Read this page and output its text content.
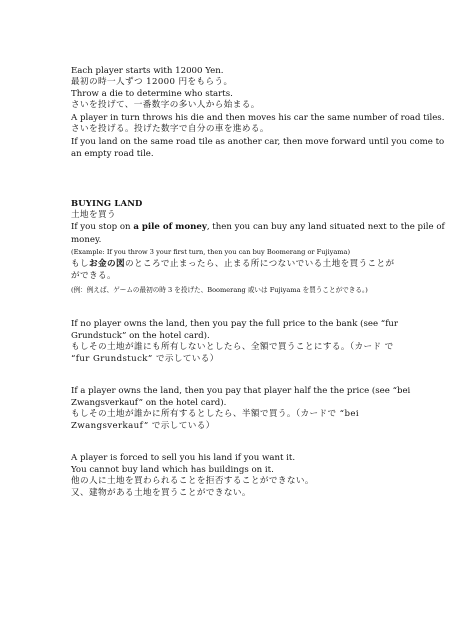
Each player starts with 12000 Yen.
最初の時一人ずつ 12000 円をもらう。
Throw a die to determine who starts.
さいを投げて、一番数字の多い人から始まる。
A player in turn throws his die and then moves his car the same number of road tiles.
さいを投げる。投げた数字で自分の車を進める。
If you land on the same road tile as another car, then move forward until you come to
an empty road tile.
BUYING LAND
土地を買う
If you stop on a pile of money, then you can buy any land situated next to the pile of
money.
(Example: If you throw 3 your first turn, then you can buy Boomerang or Fujiyama)
もしお金の図のところで止まったら、止まる所につないでいる土地を買うことが
ができる。
(例：例えば、ゲームの最初の時 3 を投げた、Boomerang 或いは Fujiyama を買うことができる。)
If no player owns the land, then you pay the full price to the bank (see “fur
Grundstuck” on the hotel card).
もしその土地が誰にも所有しないとしたら、全額で買うことにする。（カード で
“fur Grundstuck” で示している）
If a player owns the land, then you pay that player half the the price (see “bei
Zwangsverkauf” on the hotel card).
もしその土地が誰かに所有するとしたら、半額で買う。（カードで “bei
Zwangsverkauf” で示している）
A player is forced to sell you his land if you want it.
You cannot buy land which has buildings on it.
他の人に土地を買わられることを拒否することができない。
又、建物がある土地を買うことができない。
